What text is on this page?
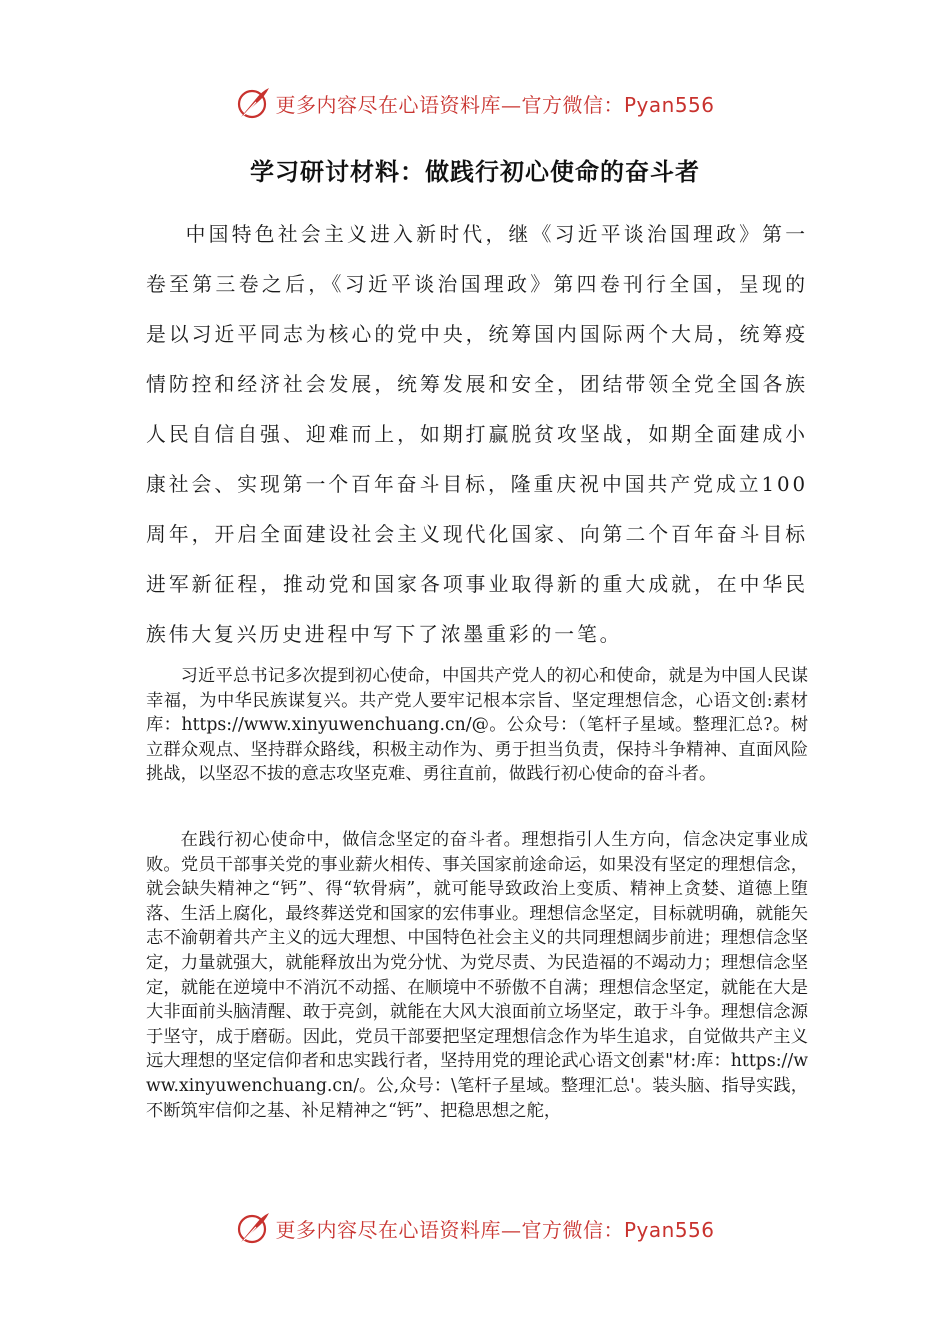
更多内容尽在心语资料库—官方微信：Pyan556
学习研讨材料：做践行初心使命的奋斗者

中国特色社会主义进入新时代，继《习近平谈治国理政》第一卷至第三卷之后，《习近平谈治国理政》第四卷刊行全国，呈现的是以习近平同志为核心的党中央，统筹国内国际两个大局，统筹疫情防控和经济社会发展，统筹发展和安全，团结带领全党全国各族人民自信自强、迎难而上，如期打赢脱贫攻坚战，如期全面建成小康社会、实现第一个百年奋斗目标，隆重庆祝中国共产党成立100周年，开启全面建设社会主义现代化国家、向第二个百年奋斗目标进军新征程，推动党和国家各项事业取得新的重大成就，在中华民族伟大复兴历史进程中写下了浓墨重彩的一笔。

习近平总书记多次提到初心使命，中国共产党人的初心和使命，就是为中国人民谋幸福，为中华民族谋复兴。共产党人要牢记根本宗旨、坚定理想信念，心语文创:素材库：https://www.xinyuwenchuang.cn/@。公众号：（笔杆子星域。整理汇总?。树立群众观点、坚持群众路线，积极主动作为、勇于担当负责，保持斗争精神、直面风险挑战，以坚忍不拔的意志攻坚克难、勇往直前，做践行初心使命的奋斗者。

在践行初心使命中，做信念坚定的奋斗者。理想指引人生方向，信念决定事业成败。党员干部事关党的事业薪火相传、事关国家前途命运，如果没有坚定的理想信念，就会缺失精神之“钙”、得“软骨病”，就可能导致政治上变质、精神上贪婪、道德上堕落、生活上腐化，最终葬送党和国家的宏伟事业。理想信念坚定，目标就明确，就能矢志不渝朝着共产主义的远大理想、中国特色社会主义的共同理想阔步前进；理想信念坚定，力量就强大，就能释放出为党分忧、为党尽责、为民造福的不竭动力；理想信念坚定，就能在逆境中不消沉不动摇、在顺境中不骄傲不自满；理想信念坚定，就能在大是大非面前头脑清醒、敢于亮剑，就能在大风大浪面前立场坚定，敢于斗争。理想信念源于坚守，成于磨砺。因此，党员干部要把坚定理想信念作为毕生追求，自觉做共产主义远大理想的坚定信仰者和忠实践行者，坚持用党的理论武心语文创素"材:库：https://www.xinyuwenchuang.cn/。公,众号：\笔杆子星域。整理汇总'。装头脑、指导实践，不断筑牢信仰之基、补足精神之“钙”、把稳思想之舵，

更多内容尽在心语资料库—官方微信：Pyan556
